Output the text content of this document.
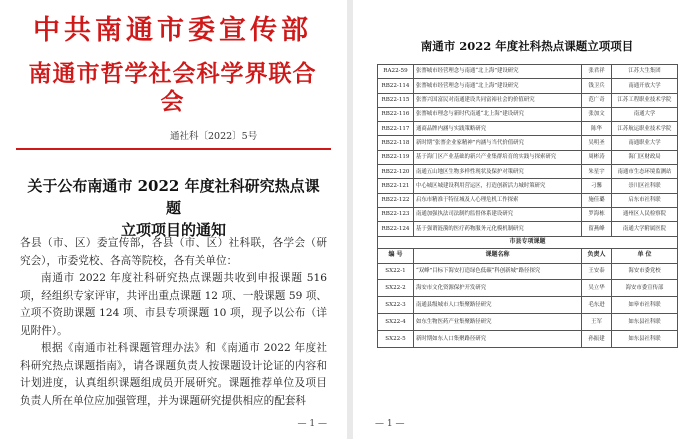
中共南通市委宣传部
南通市哲学社会科学界联合会
通社科〔2022〕5号
关于公布南通市 2022 年度社科研究热点课题
立项项目的通知

各县（市、区）委宣传部，各县（市、区）社科联，各学会（研究会），市委党校、各高等院校，各有关单位：

南通市 2022 年度社科研究热点课题共收到申报课题 516 项，经组织专家评审，共评出重点课题 12 项、一般课题 59 项、立项不资助课题 124 项、市县专项课题 10 项，现予以公布（详见附件）。

根据《南通市社科课题管理办法》和《南通市 2022 年度社科研究热点课题指南》，请各课题负责人按课题设计论证的内容和计划进度，认真组织课题组成员开展研究。课题推荐单位及项目负责人所在单位应加强管理，并为课题研究提供相应的配套科

— 1 —
南通市 2022 年度社科热点课题立项项目
RA22-59	张謇城市经营理念与南通“北上海”建设研究	张君祥	江苏大生集团
RB22-114	张謇城市经营理念与南通“北上海”建设研究	钱卫兵	南通开放大学
RB22-115	张謇兴国富民对南通建设共同富裕社会的价值研究	范广奇	江苏工程职业技术学院
RB22-116	张謇城市理念与新时代南通“北上海”建设研究	张加文	南通大学
RB22-117	通商品牌内涵与实践策略研究	陈华	江苏航运职业技术学院
RB22-118	新时期“张謇企业家精神”内涵与当代价值研究	吴明圣	南通职业大学
RB22-119	基于海门区产业基础的新兴产业集群培育的实践与探索研究	周彬涛	海门区财政局
RB22-120	南通五山地区生物多样性现状及保护对策研究	朱星宇	南通市生态环境监测站
RB22-121	中心城区城建设利用营运区，打造创新活力城时策研究	刁馨	崇川区社科联
RB22-122	启东市精准于特征城及人心理危机工作探索	施佳璐	启东市社科联
RB22-123	南通加强执法司法制约监督体系建设研究	罗海栋	通州区人民检察院
RB22-124	基于强谓涟漪的医疗药物服务元化模机制研究	留燕峰	南通大学附属医院
市县专项课题			
编 号	课题名称	负责人	单 位
SX22-1	“双峰”目标下海安打造绿色低碳“科创新城”路径探究	王安泰	海安市委党校
SX22-2	海安市文化资源保护开发研究	吴立华	海安市委宣传部
SX22-3	南通县级城市人口集聚路径研究	毛东进	如皋市社科联
SX22-4	如东生物医药产业集聚路径研究	王军	如东县社科联
SX22-5	新时期如东人口集聚路径研究	孙振建	如东县社科联
— 1 —
